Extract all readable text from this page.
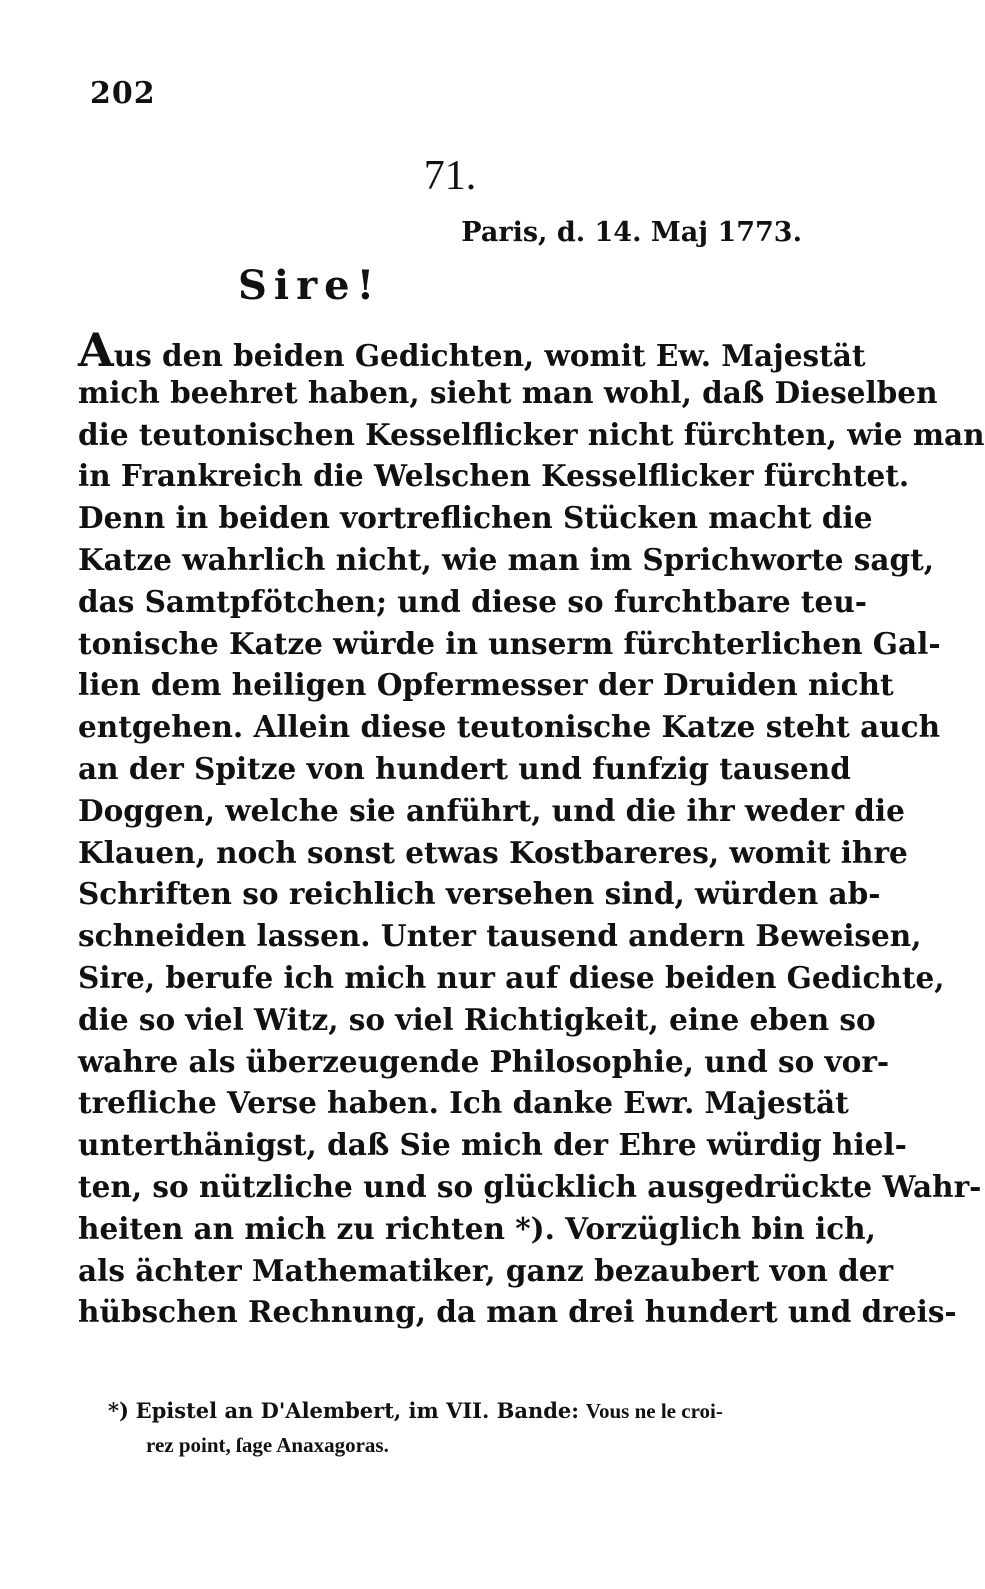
202
71.
Paris, d. 14. Maj 1773.
Sire!
Aus den beiden Gedichten, womit Ew. Majestät
mich beehret haben, sieht man wohl, daß Dieselben
die teutonischen Kesselflicker nicht fürchten, wie man
in Frankreich die Welschen Kesselflicker fürchtet.
Denn in beiden vortreflichen Stücken macht die
Katze wahrlich nicht, wie man im Sprichworte sagt,
das Samtpfötchen; und diese so furchtbare teu-
tonische Katze würde in unserm fürchterlichen Gal-
lien dem heiligen Opfermesser der Druiden nicht
entgehen. Allein diese teutonische Katze steht auch
an der Spitze von hundert und funfzig tausend
Doggen, welche sie anführt, und die ihr weder die
Klauen, noch sonst etwas Kostbareres, womit ihre
Schriften so reichlich versehen sind, würden ab-
schneiden lassen. Unter tausend andern Beweisen,
Sire, berufe ich mich nur auf diese beiden Gedichte,
die so viel Witz, so viel Richtigkeit, eine eben so
wahre als überzeugende Philosophie, und so vor-
trefliche Verse haben. Ich danke Ewr. Majestät
unterthänigst, daß Sie mich der Ehre würdig hiel-
ten, so nützliche und so glücklich ausgedrückte Wahr-
heiten an mich zu richten *). Vorzüglich bin ich,
als ächter Mathematiker, ganz bezaubert von der
hübschen Rechnung, da man drei hundert und dreis-
*) Epistel an D'Alembert, im VII. Bande: Vous ne le croi-
rez point, ſage Anaxagoras.
